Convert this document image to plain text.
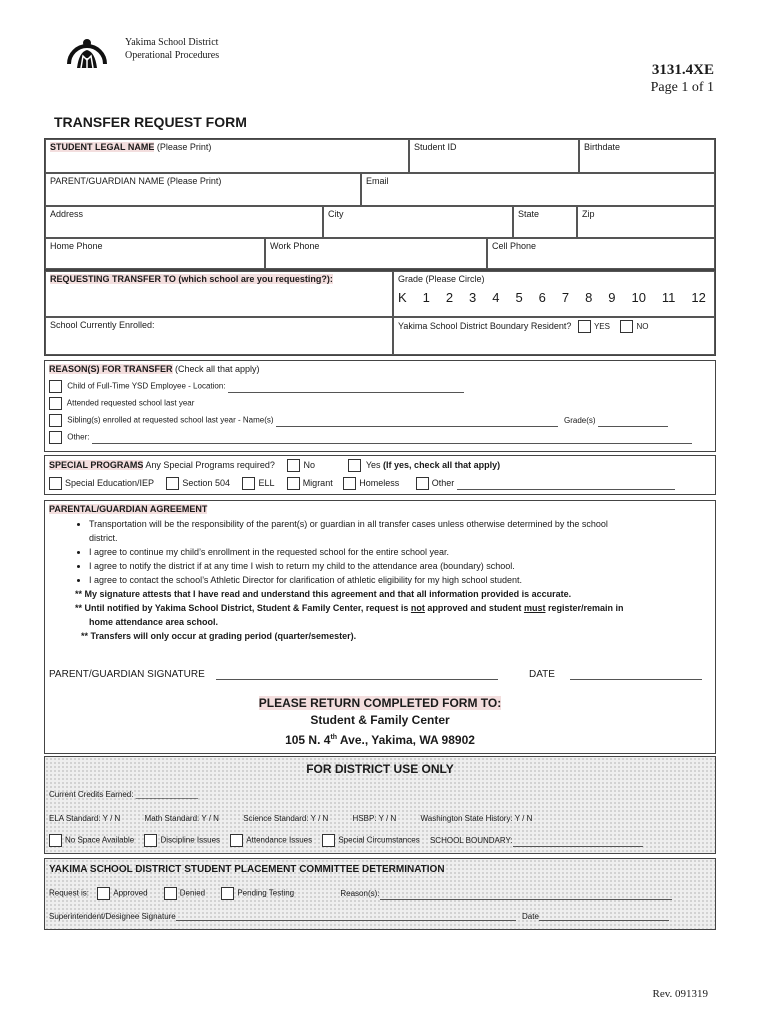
Yakima School District
Operational Procedures
3131.4XE
Page 1 of 1
TRANSFER REQUEST FORM
STUDENT LEGAL NAME (Please Print)	Student ID	Birthdate
PARENT/GUARDIAN NAME (Please Print)	Email
Address	City	State	Zip
Home Phone	Work Phone	Cell Phone
REQUESTING TRANSFER TO (which school are you requesting?):	Grade (Please Circle)
K 1 2 3 4 5 6 7 8 9 10 11 12
School Currently Enrolled:	Yakima School District Boundary Resident?	YES	NO
REASON(S) FOR TRANSFER (Check all that apply)
Child of Full-Time YSD Employee - Location:
Attended requested school last year
Sibling(s) enrolled at requested school last year - Name(s)	Grade(s)
Other:
SPECIAL PROGRAMS Any Special Programs required?	No	Yes (If yes, check all that apply)
Special Education/IEP	Section 504	ELL	Migrant	Homeless	Other
PARENTAL/GUARDIAN AGREEMENT
• Transportation will be the responsibility of the parent(s) or guardian in all transfer cases unless otherwise determined by the school
district.
• I agree to continue my child’s enrollment in the requested school for the entire school year.
• I agree to notify the district if at any time I wish to return my child to the attendance area (boundary) school.
• I agree to contact the school’s Athletic Director for clarification of athletic eligibility for my high school student.
** My signature attests that I have read and understand this agreement and that all information provided is accurate.
** Until notified by Yakima School District, Student & Family Center, request is not approved and student must register/remain in
home attendance area school.
** Transfers will only occur at grading period (quarter/semester).
PARENT/GUARDIAN SIGNATURE	DATE
PLEASE RETURN COMPLETED FORM TO:
Student & Family Center
105 N. 4th Ave., Yakima, WA 98902
FOR DISTRICT USE ONLY
Current Credits Earned: ______________
ELA Standard: Y / N	Math Standard: Y / N	Science Standard: Y / N	HSBP: Y / N	Washington State History: Y / N
No Space Available	Discipline Issues	Attendance Issues	Special Circumstances SCHOOL BOUNDARY:
YAKIMA SCHOOL DISTRICT STUDENT PLACEMENT COMMITTEE DETERMINATION
Request is:	Approved	Denied	Pending Testing	Reason(s):
Superintendent/Designee Signature	Date
Rev. 091319
